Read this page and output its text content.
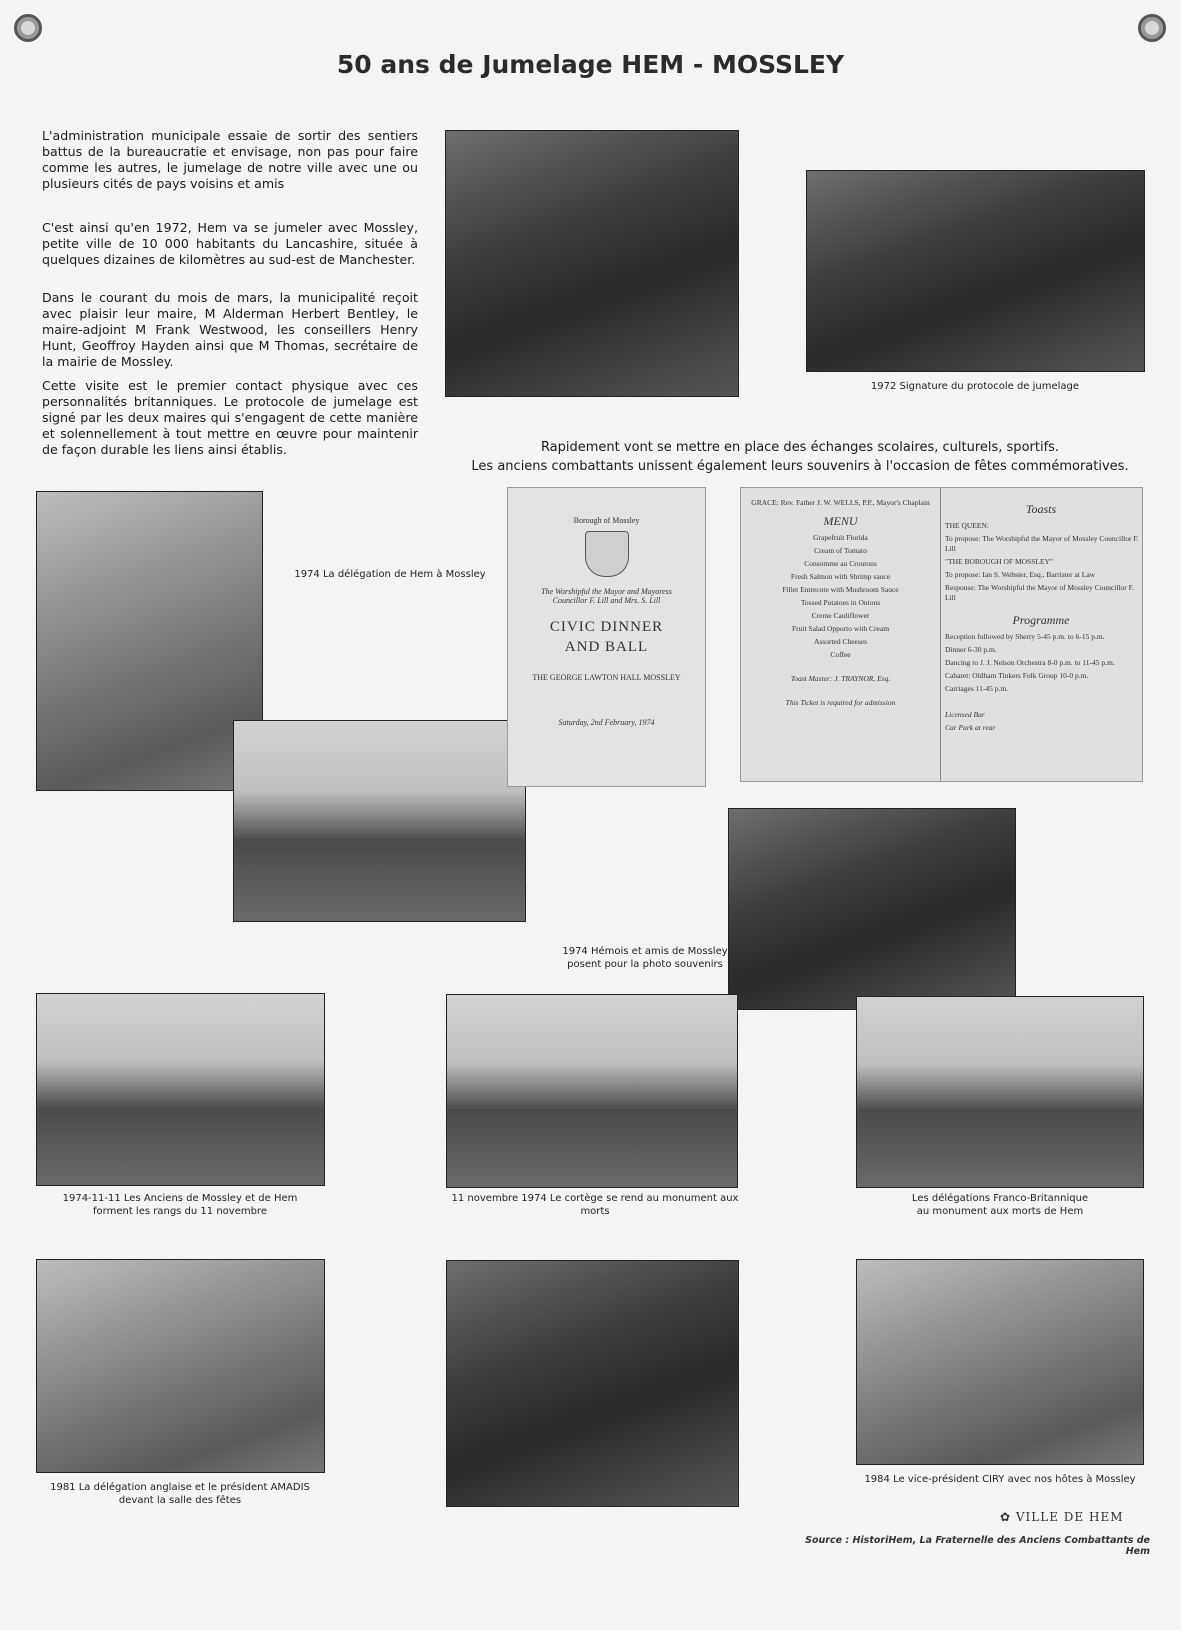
50 ans de Jumelage HEM - MOSSLEY

L'administration municipale essaie de sortir des sentiers battus de la bureaucratie et envisage, non pas pour faire comme les autres, le jumelage de notre ville avec une ou plusieurs cités de pays voisins et amis

C'est ainsi qu'en 1972, Hem va se jumeler avec Mossley, petite ville de 10 000 habitants du Lancashire, située à quelques dizaines de kilomètres au sud-est de Manchester.

Dans le courant du mois de mars, la municipalité reçoit avec plaisir leur maire, M Alderman Herbert Bentley, le maire-adjoint M Frank Westwood, les conseillers Henry Hunt, Geoffroy Hayden ainsi que M Thomas, secrétaire de la mairie de Mossley.

Cette visite est le premier contact physique avec ces personnalités britanniques. Le protocole de jumelage est signé par les deux maires qui s'engagent de cette manière et solennellement à tout mettre en œuvre pour maintenir de façon durable les liens ainsi établis.

1972 Signature du protocole de jumelage
Rapidement vont se mettre en place des échanges scolaires, culturels, sportifs.
Les anciens combattants unissent également leurs souvenirs à l'occasion de fêtes commémoratives.
1974 La délégation de Hem à Mossley
Borough of Mossley
The Worshipful the Mayor and Mayoress
Councillor F. Lill and Mrs. S. Lill
CIVIC DINNER
AND BALL
THE GEORGE LAWTON HALL MOSSLEY
Saturday, 2nd February, 1974
GRACE: Rev. Father J. W. WELLS, P.P., Mayor's Chaplain
MENU
Grapefruit Florida
Cream of Tomato
Consomme au Croutons
Fresh Salmon with Shrimp sauce
Fillet Entrecote with Mushroom Sauce
Tossed Potatoes in Onions
Creme Cauliflower
Fruit Salad Opporto with Cream
Assorted Cheeses
Coffee
Toast Master: J. TRAYNOR, Esq.
This Ticket is required for admission
Toasts
THE QUEEN:
To propose: The Worshipful the Mayor of Mossley Councillor F. Lill
"THE BOROUGH OF MOSSLEY"
To propose: Ian S. Webster, Esq., Barrister at Law
Response: The Worshipful the Mayor of Mossley Councillor F. Lill
Programme
Reception followed by Sherry 5-45 p.m. to 6-15 p.m.
Dinner 6-30 p.m.
Dancing to J. J. Nelson Orchestra 8-0 p.m. to 11-45 p.m.
Cabaret: Oldham Tinkers Folk Group 10-0 p.m.
Carriages 11-45 p.m.
Licensed Bar
Car Park at rear
1974 Hémois et amis de Mossley
posent pour la photo souvenirs
1974-11-11 Les Anciens de Mossley et de Hem
forment les rangs du 11 novembre
11 novembre 1974 Le cortège se rend au monument aux morts
Les délégations Franco-Britannique
au monument aux morts de Hem
1981 La délégation anglaise et le président AMADIS
devant la salle des fêtes
1984 Le vice-président CIRY avec nos hôtes à Mossley
✿ VILLE DE HEM
Source : HistoriHem, La Fraternelle des Anciens Combattants de Hem
